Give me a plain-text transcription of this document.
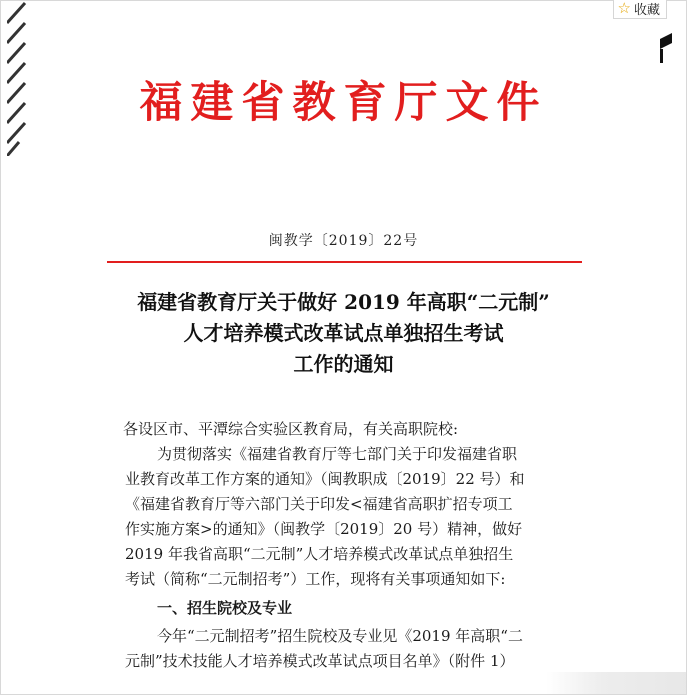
福建省教育厅文件
闽教学〔2019〕22号
福建省教育厅关于做好 2019 年高职“二元制”
人才培养模式改革试点单独招生考试
工作的通知

各设区市、平潭综合实验区教育局，有关高职院校:

为贯彻落实《福建省教育厅等七部门关于印发福建省职

业教育改革工作方案的通知》（闽教职成〔2019〕22 号）和

《福建省教育厅等六部门关于印发<福建省高职扩招专项工

作实施方案>的通知》（闽教学〔2019〕20 号）精神，做好

2019 年我省高职“二元制”人才培养模式改革试点单独招生

考试（简称“二元制招考”）工作，现将有关事项通知如下:

一、招生院校及专业

今年“二元制招考”招生院校及专业见《2019 年高职“二

元制”技术技能人才培养模式改革试点项目名单》（附件 1）

☆ 收藏
